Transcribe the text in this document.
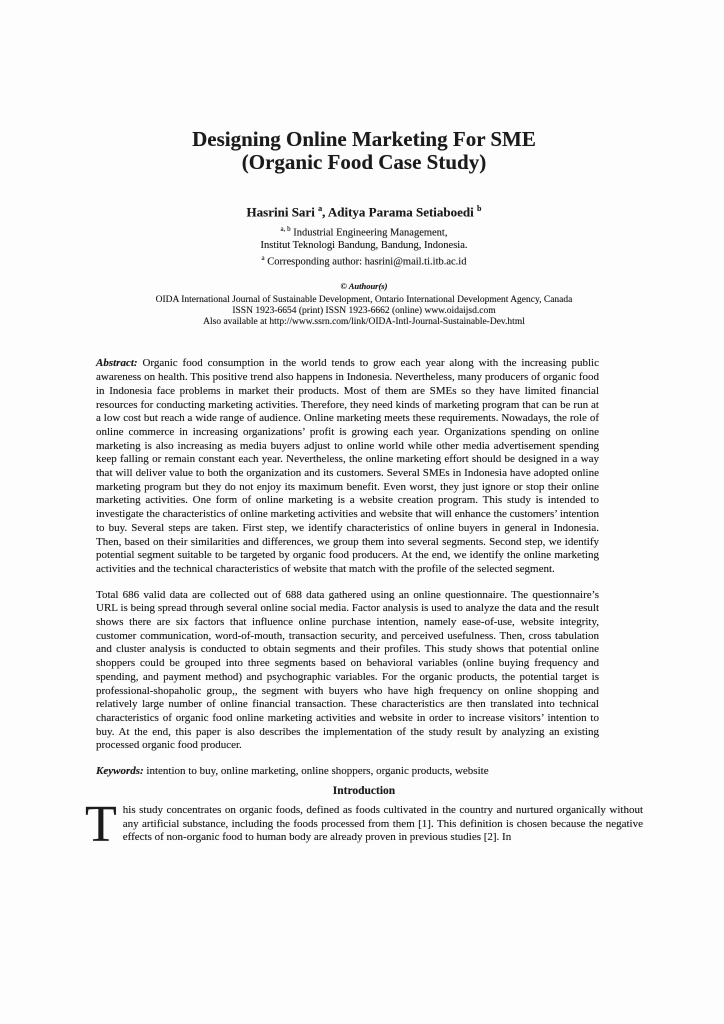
Designing Online Marketing For SME
(Organic Food Case Study)
Hasrini Sari $^a$, Aditya Parama Setiaboedi $^b$
$^{a, b}$ Industrial Engineering Management,
Institut Teknologi Bandung, Bandung, Indonesia.
$^a$ Corresponding author: hasrini@mail.ti.itb.ac.id
© Authour(s)
OIDA International Journal of Sustainable Development, Ontario International Development Agency, Canada
ISSN 1923-6654 (print) ISSN 1923-6662 (online) www.oidaijsd.com
Also available at http://www.ssrn.com/link/OIDA-Intl-Journal-Sustainable-Dev.html

Abstract: Organic food consumption in the world tends to grow each year along with the increasing public awareness on health. This positive trend also happens in Indonesia. Nevertheless, many producers of organic food in Indonesia face problems in market their products. Most of them are SMEs so they have limited financial resources for conducting marketing activities. Therefore, they need kinds of marketing program that can be run at a low cost but reach a wide range of audience. Online marketing meets these requirements. Nowadays, the role of online commerce in increasing organizations’ profit is growing each year. Organizations spending on online marketing is also increasing as media buyers adjust to online world while other media advertisement spending keep falling or remain constant each year. Nevertheless, the online marketing effort should be designed in a way that will deliver value to both the organization and its customers. Several SMEs in Indonesia have adopted online marketing program but they do not enjoy its maximum benefit. Even worst, they just ignore or stop their online marketing activities. One form of online marketing is a website creation program. This study is intended to investigate the characteristics of online marketing activities and website that will enhance the customers’ intention to buy. Several steps are taken. First step, we identify characteristics of online buyers in general in Indonesia. Then, based on their similarities and differences, we group them into several segments. Second step, we identify potential segment suitable to be targeted by organic food producers. At the end, we identify the online marketing activities and the technical characteristics of website that match with the profile of the selected segment.

Total 686 valid data are collected out of 688 data gathered using an online questionnaire. The questionnaire’s URL is being spread through several online social media. Factor analysis is used to analyze the data and the result shows there are six factors that influence online purchase intention, namely ease-of-use, website integrity, customer communication, word-of-mouth, transaction security, and perceived usefulness. Then, cross tabulation and cluster analysis is conducted to obtain segments and their profiles. This study shows that potential online shoppers could be grouped into three segments based on behavioral variables (online buying frequency and spending, and payment method) and psychographic variables. For the organic products, the potential target is professional-shopaholic group,, the segment with buyers who have high frequency on online shopping and relatively large number of online financial transaction. These characteristics are then translated into technical characteristics of organic food online marketing activities and website in order to increase visitors’ intention to buy. At the end, this paper is also describes the implementation of the study result by analyzing an existing processed organic food producer.

Keywords: intention to buy, online marketing, online shoppers, organic products, website

Introduction

This study concentrates on organic foods, defined as foods cultivated in the country and nurtured organically without any artificial substance, including the foods processed from them [1]. This definition is chosen because the negative effects of non-organic food to human body are already proven in previous studies [2]. In
